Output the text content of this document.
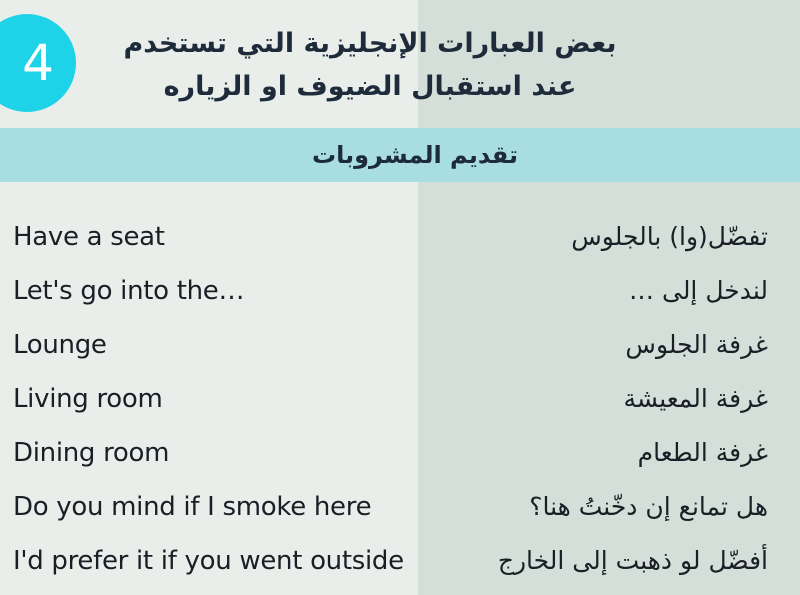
4	بعض العبارات الإنجليزية التي تستخدم
عند استقبال الضيوف او الزياره
تقديم المشروبات
Have a seat	تفضّل(وا) بالجلوس
Let's go into the…	لندخل إلى …
Lounge	غرفة الجلوس
Living room	غرفة المعيشة
Dining room	غرفة الطعام
Do you mind if I smoke here	هل تمانع إن دخّنتُ هنا؟
I'd prefer it if you went outside	أفضّل لو ذهبت إلى الخارج
